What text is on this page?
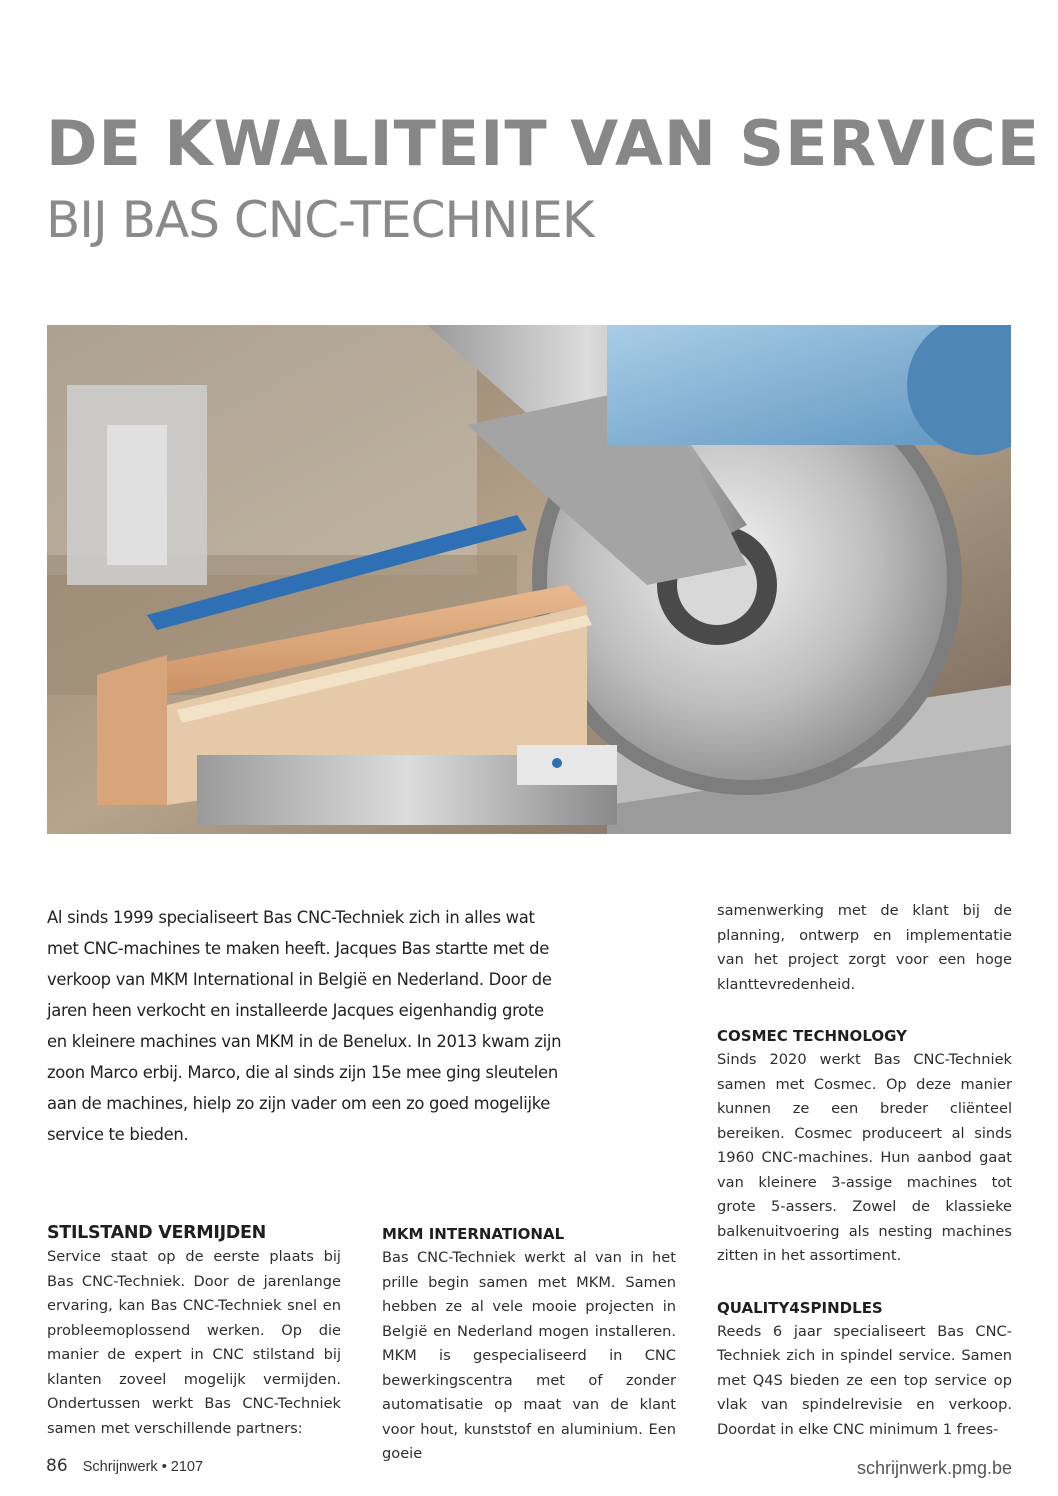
DE KWALITEIT VAN SERVICE
BIJ BAS CNC-TECHNIEK

Al sinds 1999 specialiseert Bas CNC-Techniek zich in alles wat met CNC-machines te maken heeft. Jacques Bas startte met de verkoop van MKM International in België en Nederland. Door de jaren heen verkocht en installeerde Jacques eigenhandig grote en kleinere machines van MKM in de Benelux. In 2013 kwam zijn zoon Marco erbij. Marco, die al sinds zijn 15e mee ging sleutelen aan de machines, hielp zo zijn vader om een zo goed mogelijke service te bieden.

STILSTAND VERMIJDEN

Service staat op de eerste plaats bij Bas CNC-Techniek. Door de jarenlange ervaring, kan Bas CNC-Techniek snel en probleemoplossend werken. Op die manier de expert in CNC stilstand bij klanten zoveel mogelijk vermijden. Ondertussen werkt Bas CNC-Techniek samen met verschillende partners:

MKM INTERNATIONAL

Bas CNC-Techniek werkt al van in het prille begin samen met MKM. Samen hebben ze al vele mooie projecten in België en Nederland mogen installeren. MKM is gespecialiseerd in CNC bewerkingscentra met of zonder automatisatie op maat van de klant voor hout, kunststof en aluminium. Een goeie

samenwerking met de klant bij de planning, ontwerp en implementatie van het project zorgt voor een hoge klanttevredenheid.

COSMEC TECHNOLOGY

Sinds 2020 werkt Bas CNC-Techniek samen met Cosmec. Op deze manier kunnen ze een breder cliënteel bereiken. Cosmec produceert al sinds 1960 CNC-machines. Hun aanbod gaat van kleinere 3-assige machines tot grote 5-assers. Zowel de klassieke balkenuitvoering als nesting machines zitten in het assortiment.

QUALITY4SPINDLES

Reeds 6 jaar specialiseert Bas CNC-Techniek zich in spindel service. Samen met Q4S bieden ze een top service op vlak van spindelrevisie en verkoop. Doordat in elke CNC minimum 1 frees-

86 Schrijnwerk • 2107	schrijnwerk.pmg.be
